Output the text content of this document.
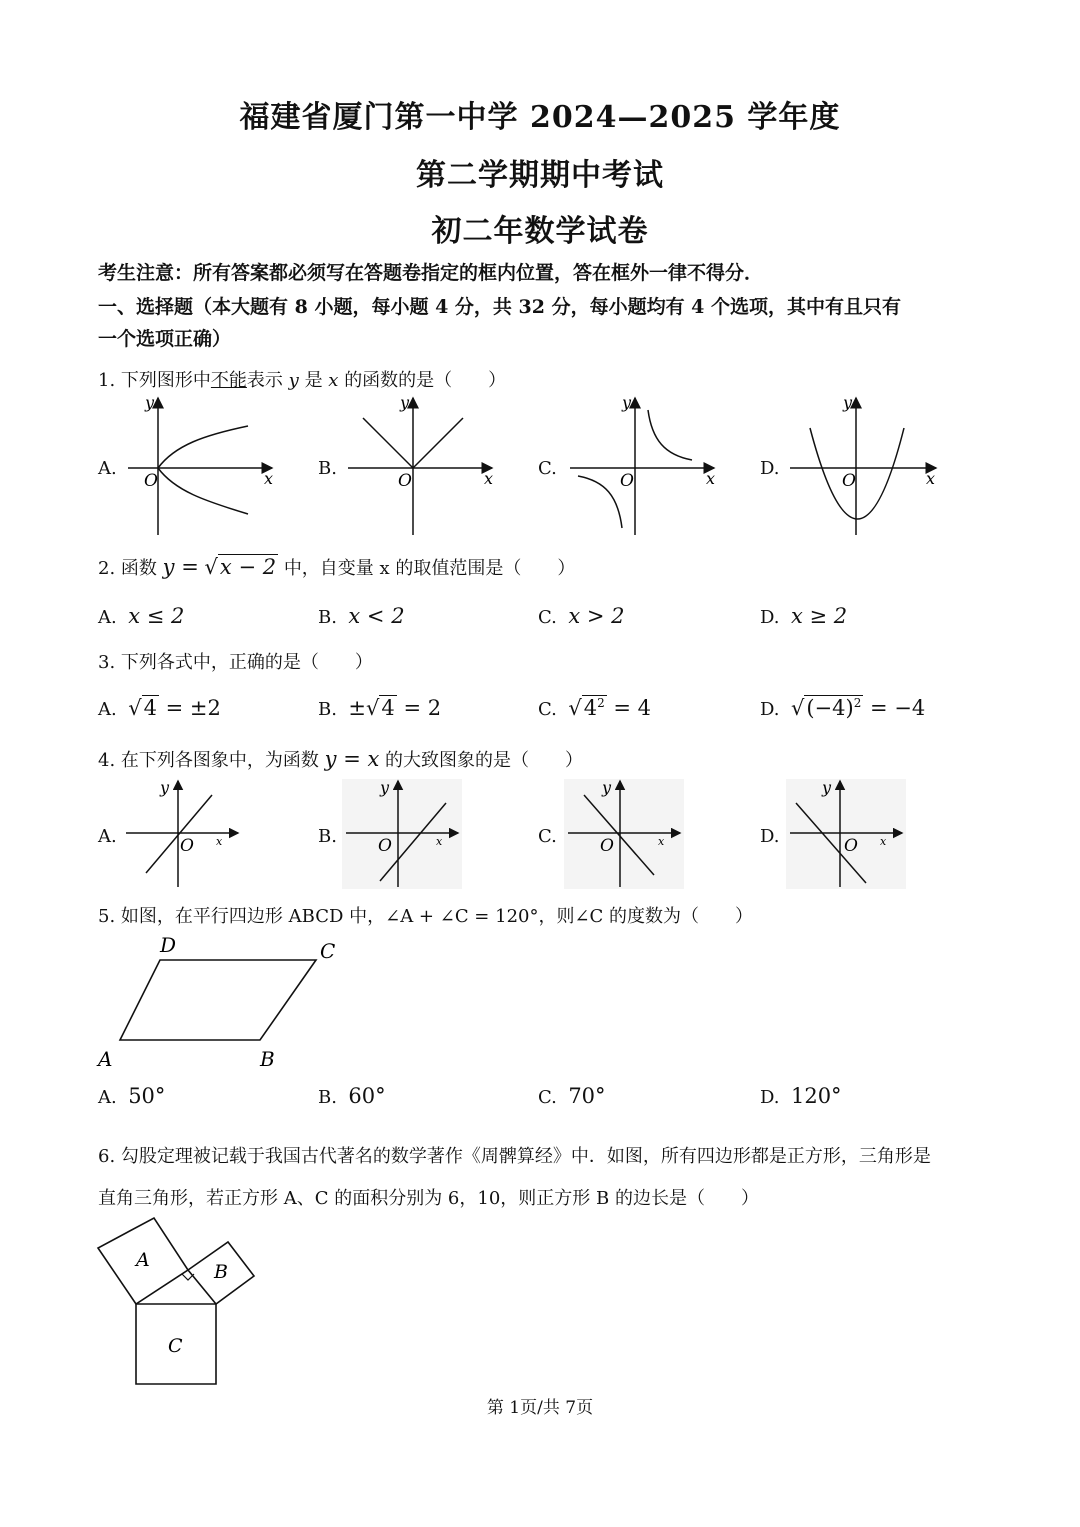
福建省厦门第一中学 2024—2025 学年度
第二学期期中考试
初二年数学试卷
考生注意：所有答案都必须写在答题卷指定的框内位置，答在框外一律不得分．
一、选择题（本大题有 8 小题，每小题 4 分，共 32 分，每小题均有 4 个选项，其中有且只有
一个选项正确）
1. 下列图形中不能表示 y 是 x 的函数的是（　　）
A.	B.	C.	D.
O	x
y
O	x
y
O	x
y
O	x
y
2. 函数 y = √x − 2 中，自变量 x 的取值范围是（　　）
A. x ≤ 2	B. x < 2	C. x > 2	D. x ≥ 2
3. 下列各式中，正确的是（　　）
A. √4 = ±2	B. ±√4 = 2	C. $√4^2 = 4$	D. $√(-4)^2 = -4$
4. 在下列各图象中，为函数 y = x 的大致图象的是（　　）
A.	B.	C.	D.
O x
y
O	x
y
O	x
y
O x
y
5. 如图，在平行四边形 ABCD 中，∠A + ∠C = 120°，则∠C 的度数为（　　）
A	B
C
D
A. 50°	B. 60°	C. 70°	D. 120°
6. 勾股定理被记载于我国古代著名的数学著作《周髀算经》中．如图，所有四边形都是正方形，三角形是
直角三角形，若正方形 A、C 的面积分别为 6，10，则正方形 B 的边长是（　　）
A
B
C
第 1页/共 7页
